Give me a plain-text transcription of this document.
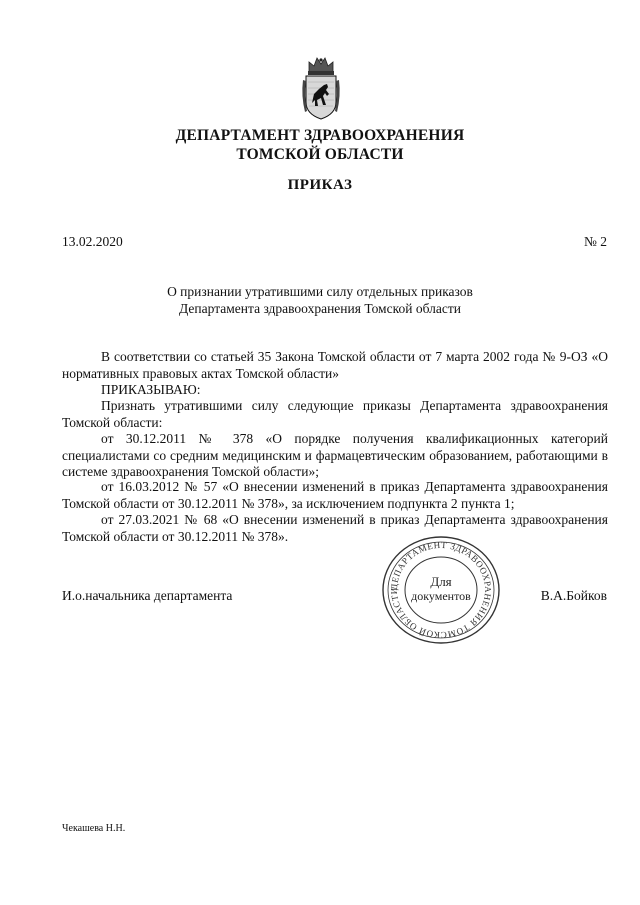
ДЕПАРТАМЕНТ ЗДРАВООХРАНЕНИЯ
ТОМСКОЙ ОБЛАСТИ
ПРИКАЗ
13.02.2020	№ 2
О признании утратившими силу отдельных приказов
Департамента здравоохранения Томской области
В соответствии со статьей 35 Закона Томской области от 7 марта 2002 года № 9-ОЗ «О нормативных правовых актах Томской области»
ПРИКАЗЫВАЮ:
Признать утратившими силу следующие приказы Департамента здравоохранения Томской области:
от 30.12.2011 № 378 «О порядке получения квалификационных категорий специалистами со средним медицинским и фармацевтическим образованием, работающими в системе здравоохранения Томской области»;
от 16.03.2012 № 57 «О внесении изменений в приказ Департамента здравоохранения Томской области от 30.12.2011 № 378», за исключением подпункта 2 пункта 1;
от 27.03.2021 № 68 «О внесении изменений в приказ Департамента здравоохранения Томской области от 30.12.2011 № 378».
ДЕПАРТАМЕНТ ЗДРАВООХРАНЕНИЯ ТОМСКОЙ ОБЛАСТИ
Для
документов
И.о.начальника департамента	В.А.Бойков
Чекашева Н.Н.
